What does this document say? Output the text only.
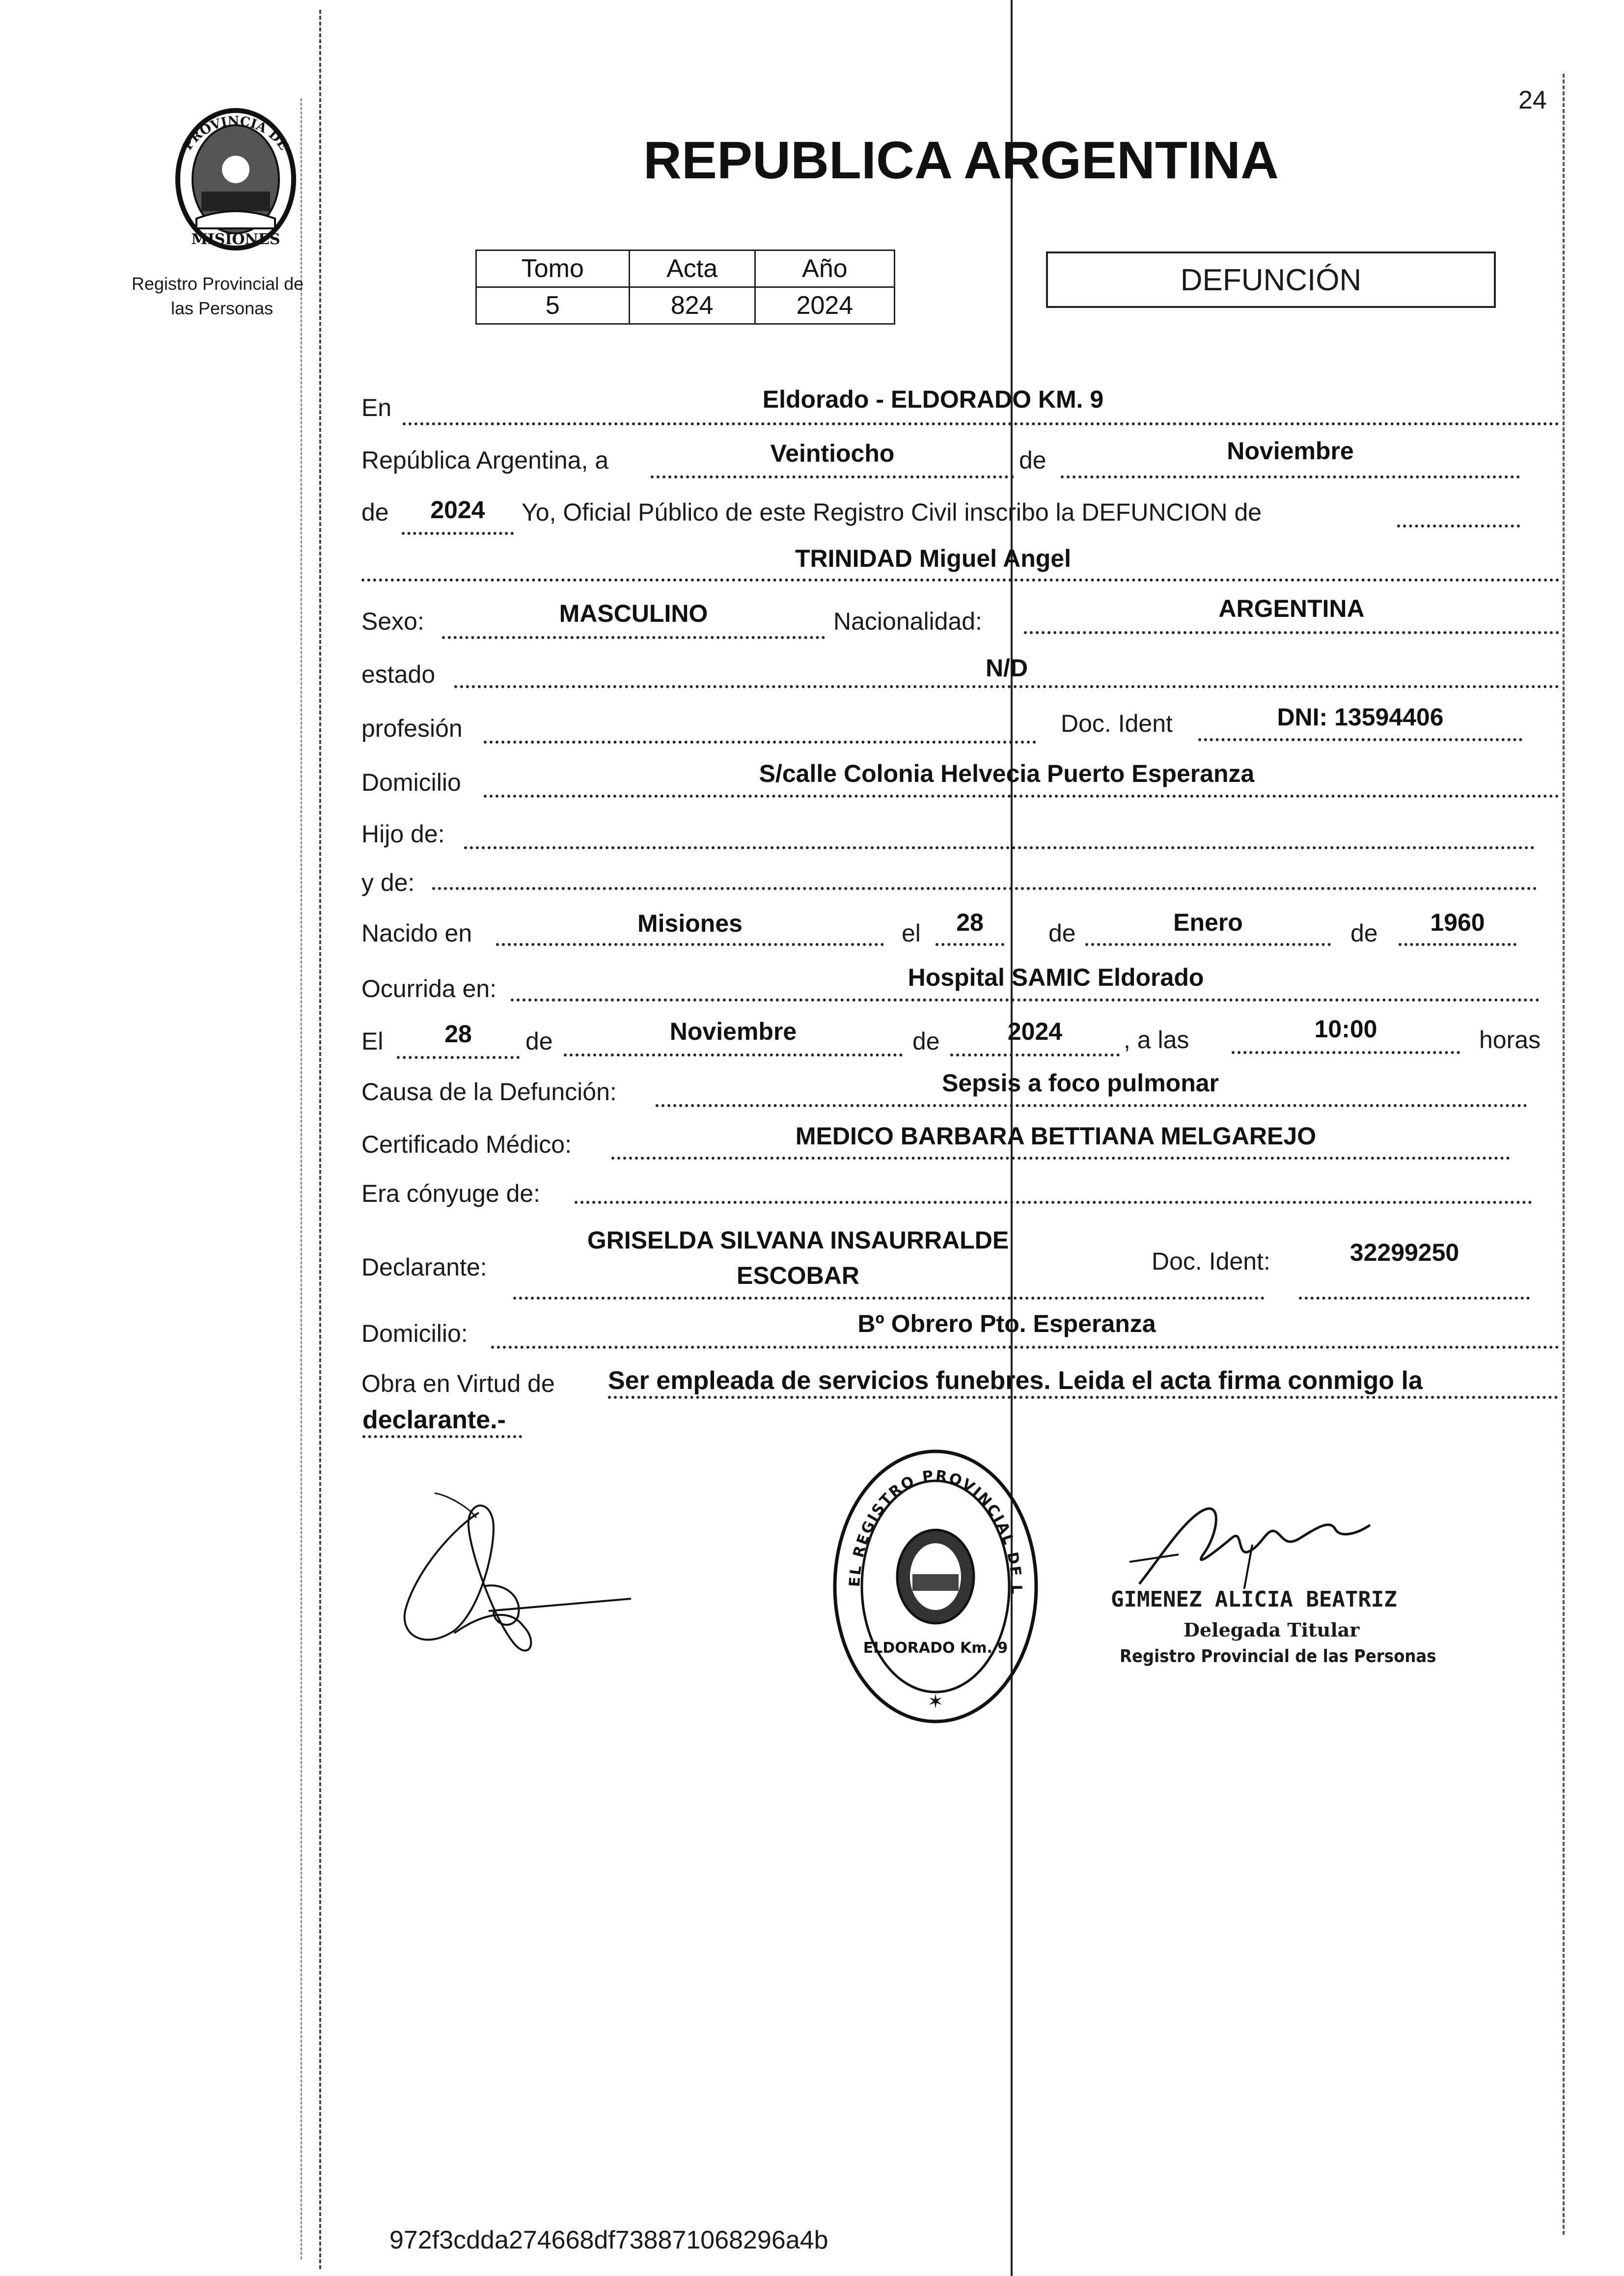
24
PROVINCIA DE
MISIONES
Registro Provincial de
las Personas
REPUBLICA ARGENTINA
Tomo	Acta	Año
5	824	2024
DEFUNCIÓN
En	Eldorado - ELDORADO KM. 9
República Argentina, a	Veintiocho	de	Noviembre
de	2024	Yo, Oficial Público de este Registro Civil inscribo la DEFUNCION de
TRINIDAD Miguel Angel
Sexo:	MASCULINO	Nacionalidad:	ARGENTINA
estado	N/D
profesión	Doc. Ident	DNI: 13594406
Domicilio	S/calle Colonia Helvecia Puerto Esperanza
Hijo de:
y de:
Nacido en	Misiones	el	28	de	Enero	de	1960
Ocurrida en:	Hospital SAMIC Eldorado
El	28	de	Noviembre	de	2024	, a las	10:00	horas
Causa de la Defunción:	Sepsis a foco pulmonar
Certificado Médico:	MEDICO BARBARA BETTIANA MELGAREJO
Era cónyuge de:
Declarante:
GRISELDA SILVANA INSAURRALDE
ESCOBAR
Doc. Ident:	32299250
Domicilio:	Bº Obrero Pto. Esperanza
Obra en Virtud de Ser empleada de servicios funebres. Leida el acta firma conmigo la
declarante.-
EL REGISTRO PROVINCIAL DE L
ELDORADO Km. 9
✶
GIMENEZ ALICIA BEATRIZ
Delegada Titular
Registro Provincial de las Personas
972f3cdda274668df738871068296a4b
